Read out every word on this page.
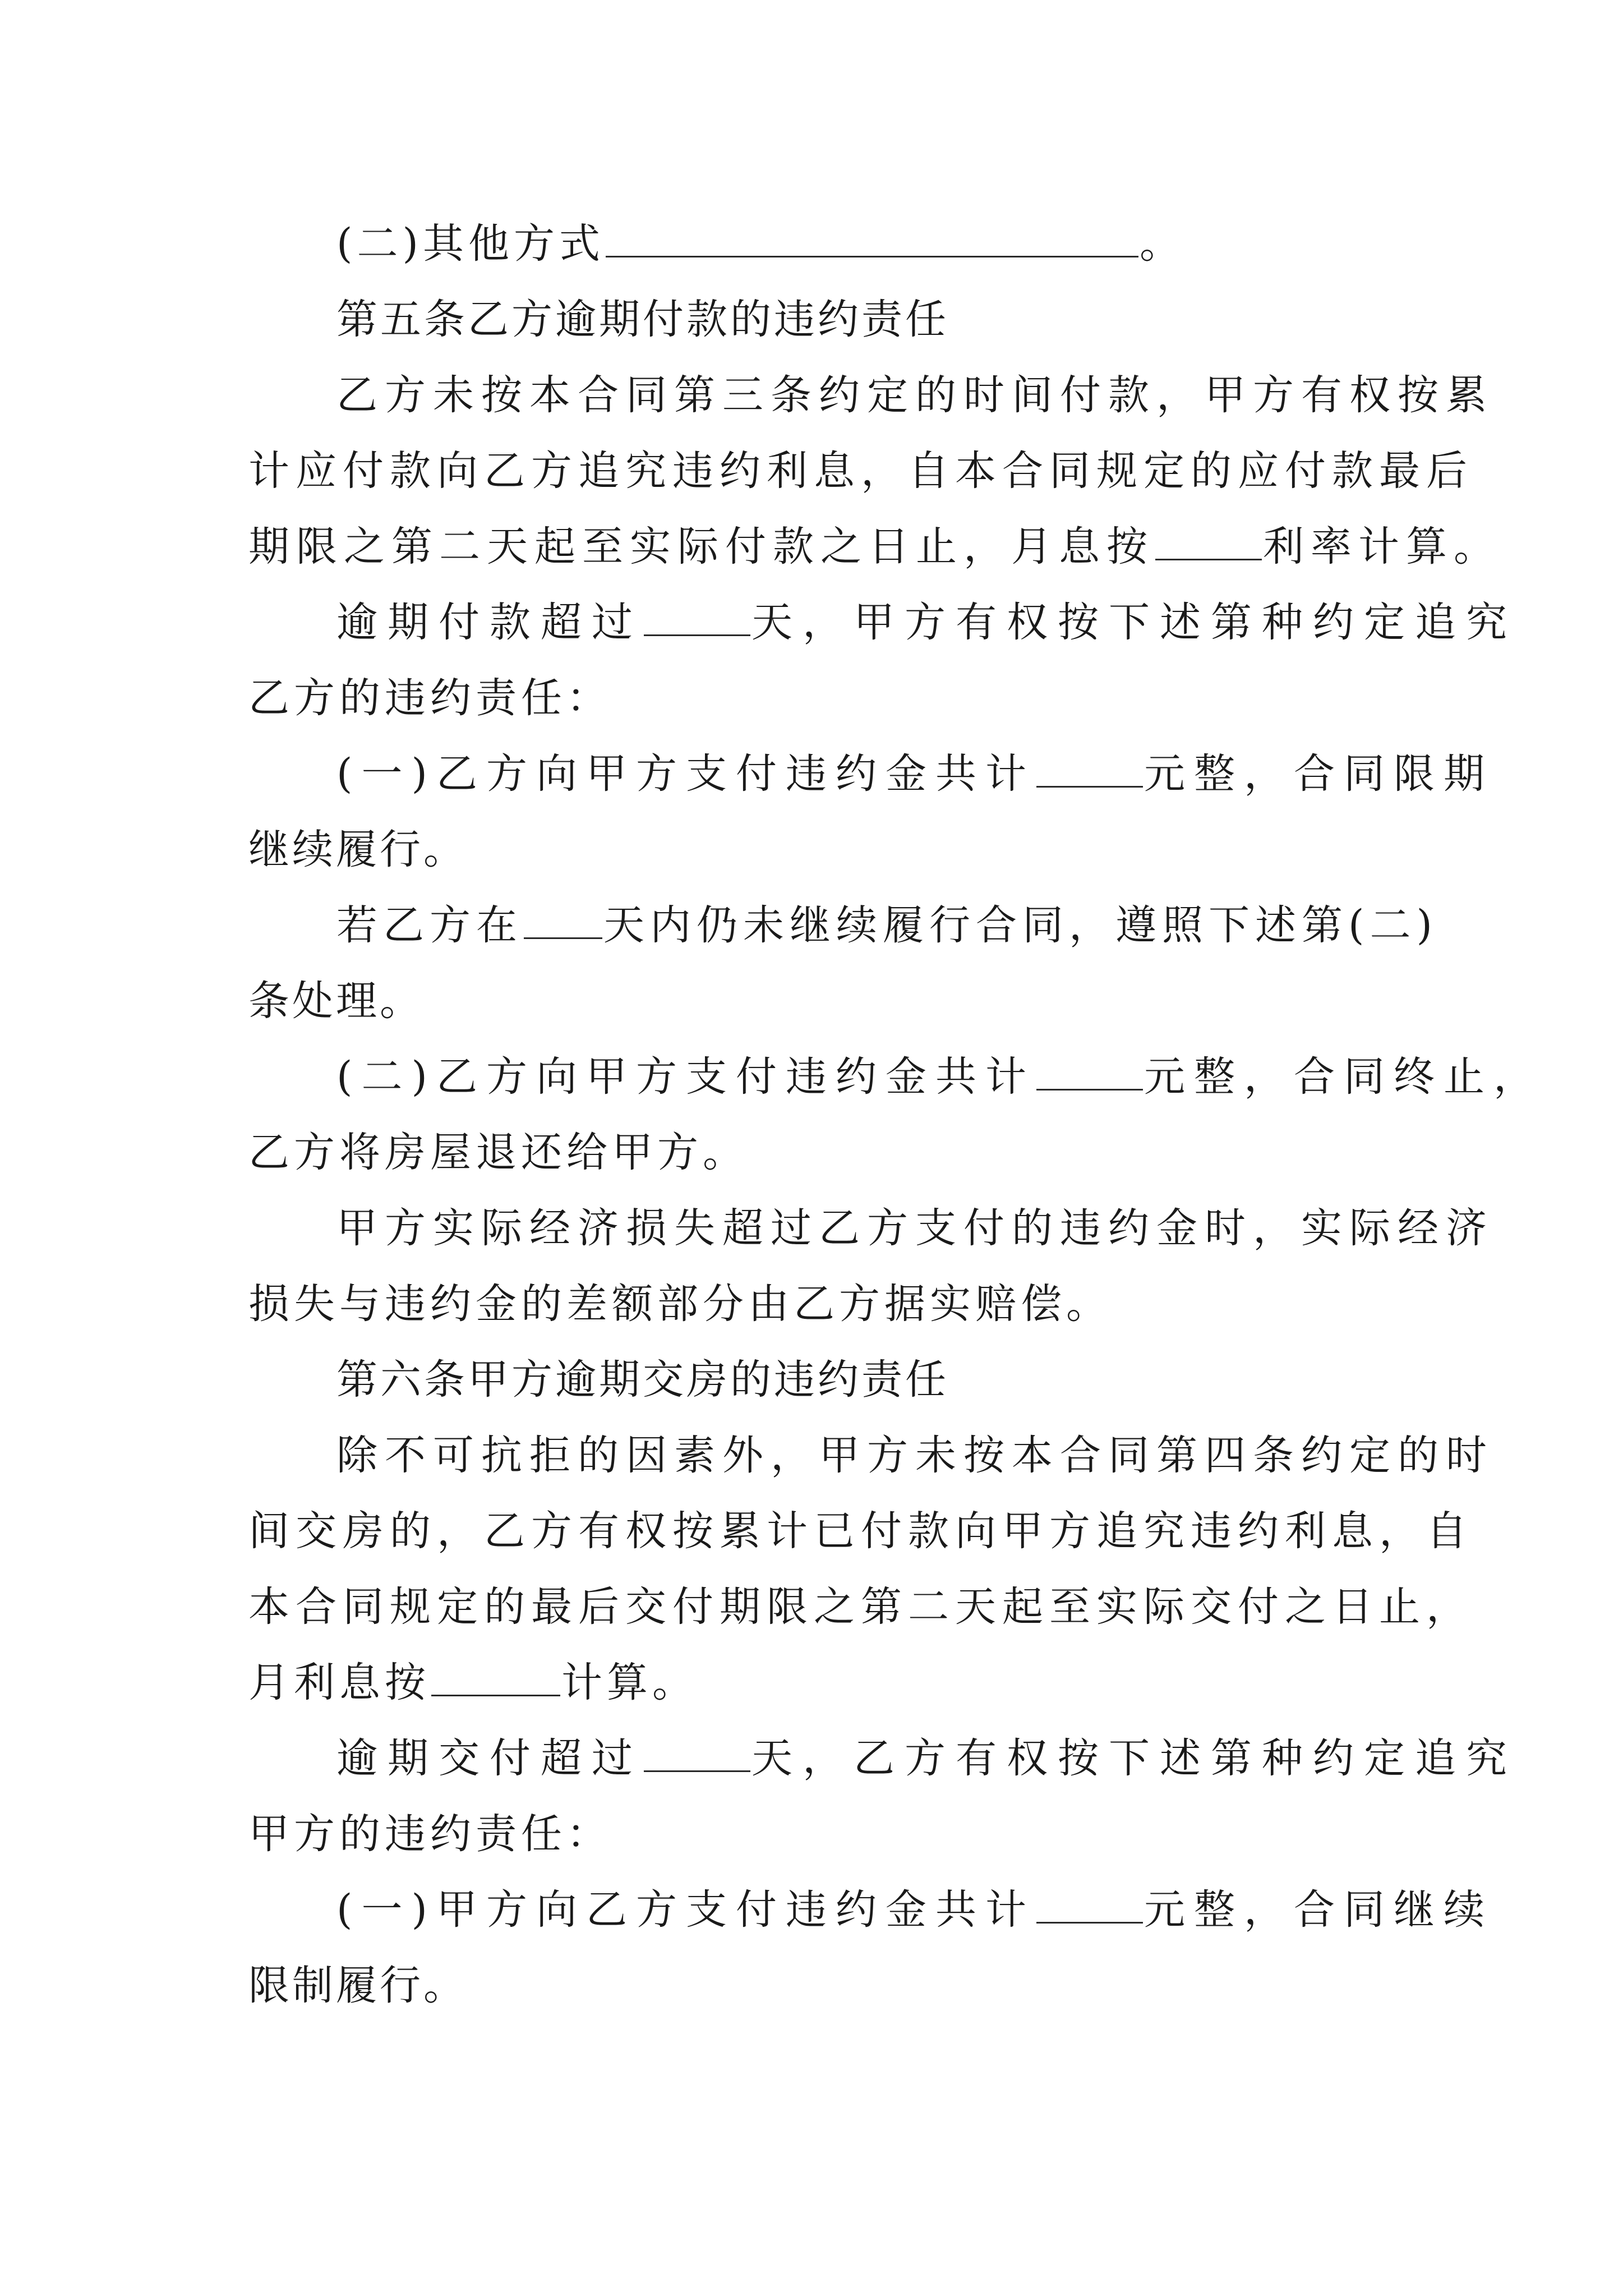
(二)其他方式	。
第五条乙方逾期付款的违约责任
乙方未按本合同第三条约定的时间付款，甲方有权按累
计应付款向乙方追究违约利息，自本合同规定的应付款最后
期限之第二天起至实际付款之日止，月息按	利率计算。
逾期付款超过	天，甲方有权按下述第种约定追究
乙方的违约责任：
(一)乙方向甲方支付违约金共计	元整，合同限期
继续履行。
若乙方在 天内仍未继续履行合同，遵照下述第(二)
条处理。
(二)乙方向甲方支付违约金共计	元整，合同终止，
乙方将房屋退还给甲方。
甲方实际经济损失超过乙方支付的违约金时，实际经济
损失与违约金的差额部分由乙方据实赔偿。
第六条甲方逾期交房的违约责任
除不可抗拒的因素外，甲方未按本合同第四条约定的时
间交房的，乙方有权按累计已付款向甲方追究违约利息，自
本合同规定的最后交付期限之第二天起至实际交付之日止，
月利息按	计算。
逾期交付超过	天，乙方有权按下述第种约定追究
甲方的违约责任：
(一)甲方向乙方支付违约金共计	元整，合同继续
限制履行。
